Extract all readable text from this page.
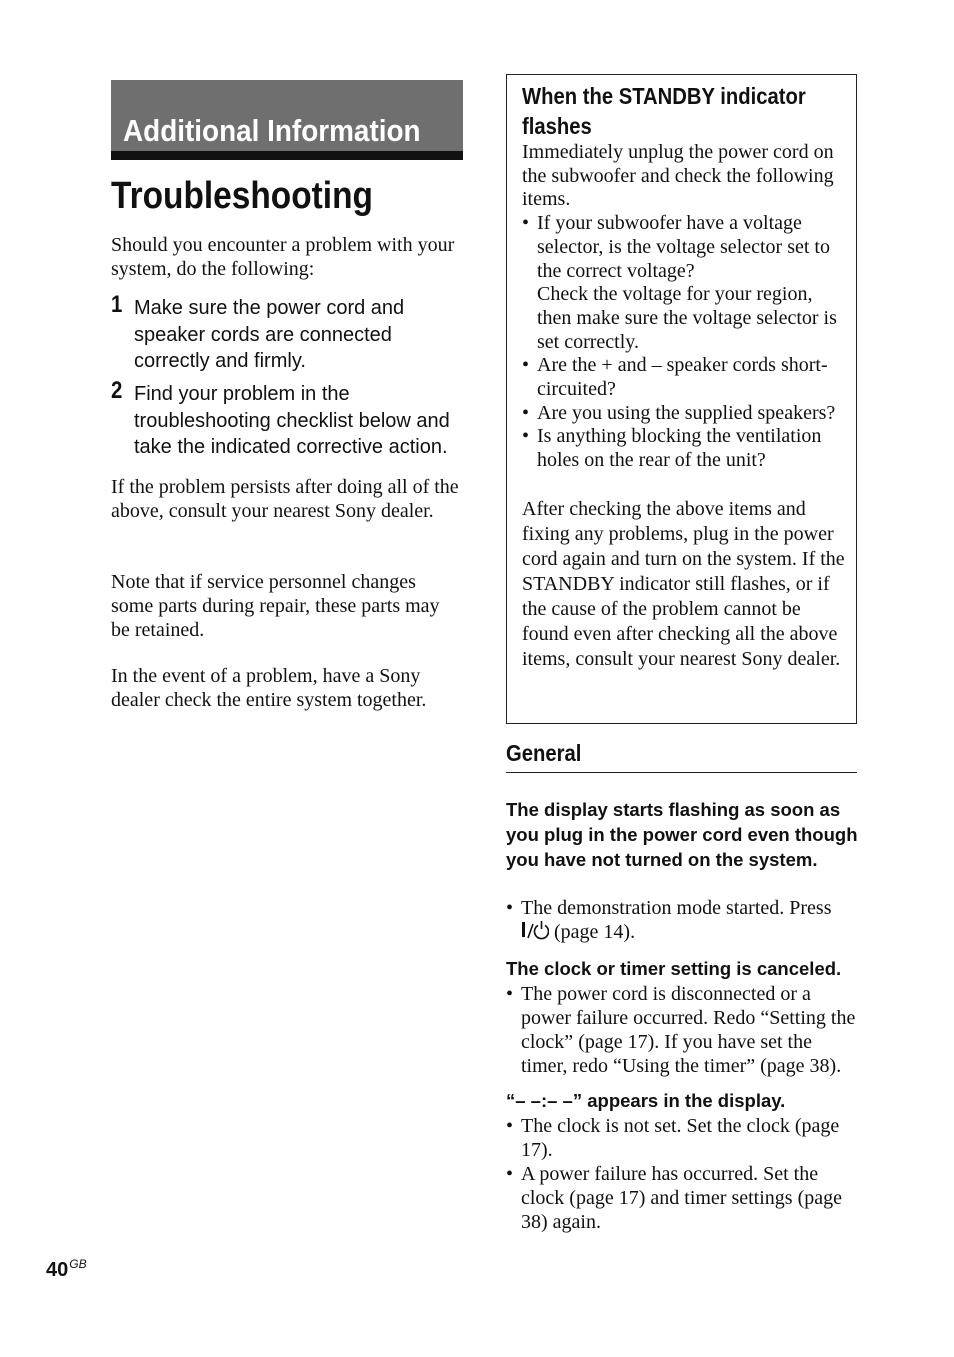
Additional Information
Troubleshooting

Should you encounter a problem with your system, do the following:

1 Make sure the power cord and speaker cords are connected correctly and firmly.
2 Find your problem in the troubleshooting checklist below and take the indicated corrective action.

If the problem persists after doing all of the above, consult your nearest Sony dealer.

Note that if service personnel changes some parts during repair, these parts may be retained.

In the event of a problem, have a Sony dealer check the entire system together.

When the STANDBY indicator flashes

Immediately unplug the power cord on the subwoofer and check the following items.

• If your subwoofer have a voltage selector, is the voltage selector set to the correct voltage?
Check the voltage for your region, then make sure the voltage selector is set correctly.
• Are the + and – speaker cords short-circuited?
• Are you using the supplied speakers?
• Is anything blocking the ventilation holes on the rear of the unit?

After checking the above items and fixing any problems, plug in the power cord again and turn on the system. If the STANDBY indicator still flashes, or if the cause of the problem cannot be found even after checking all the above items, consult your nearest Sony dealer.

General

The display starts flashing as soon as you plug in the power cord even though you have not turned on the system.

• The demonstration mode started. Press  (page 14).

The clock or timer setting is canceled.

• The power cord is disconnected or a power failure occurred. Redo “Setting the clock” (page 17). If you have set the timer, redo “Using the timer” (page 38).

“– –:– –” appears in the display.

• The clock is not set. Set the clock (page 17).
• A power failure has occurred. Set the clock (page 17) and timer settings (page 38) again.
$40^{GB}$
